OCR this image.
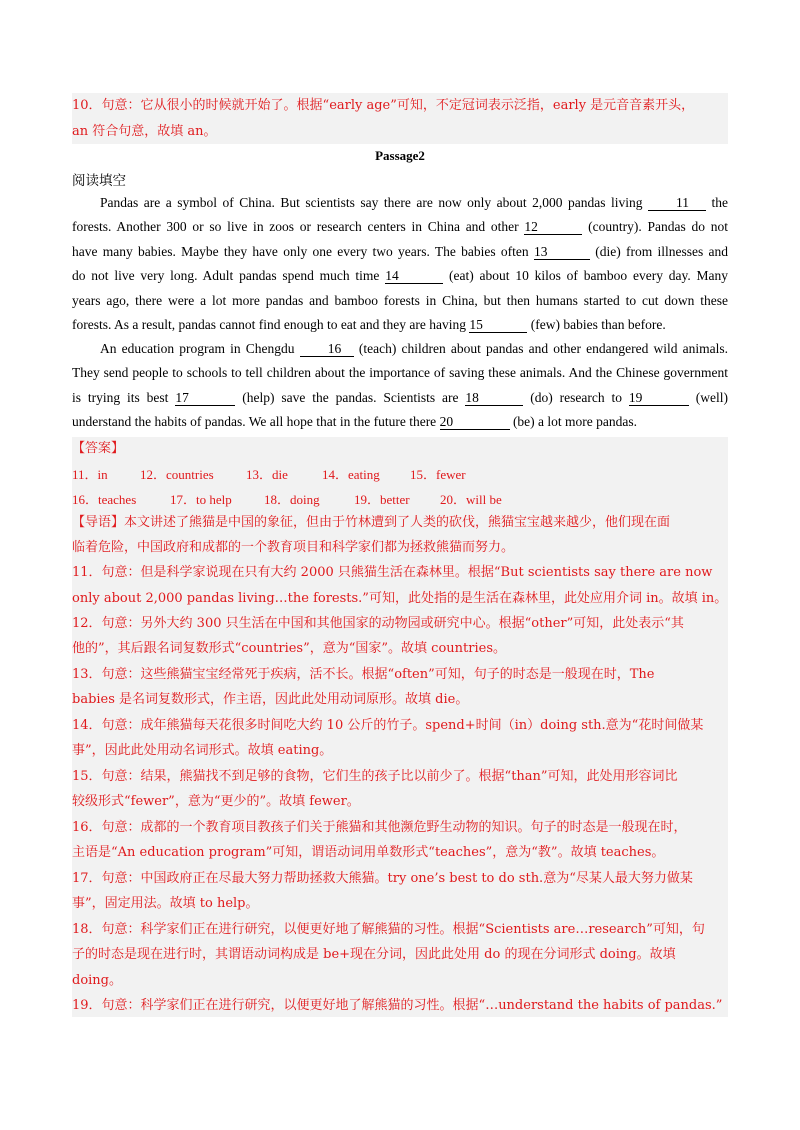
10．句意：它从很小的时候就开始了。根据“early age”可知，不定冠词表示泛指，early 是元音音素开头，
an 符合句意，故填 an。
Passage2
阅读填空
Pandas are a symbol of China. But scientists say there are now only about 2,000 pandas living 11 the
forests. Another 300 or so live in zoos or research centers in China and other 12	(country). Pandas do not
have many babies. Maybe they have only one every two years. The babies often 13	(die) from illnesses and
do not live very long. Adult pandas spend much time 14	(eat) about 10 kilos of bamboo every day. Many
years ago, there were a lot more pandas and bamboo forests in China, but then humans started to cut down these
forests. As a result, pandas cannot find enough to eat and they are having 15	(few) babies than before.
An education program in Chengdu 16 (teach) children about pandas and other endangered wild animals.
They send people to schools to tell children about the importance of saving these animals. And the Chinese government
is trying its best 17	(help) save the pandas. Scientists are 18	(do) research to 19	(well)
understand the habits of pandas. We all hope that in the future there 20	(be) a lot more pandas.
【答案】
11．in 12．countries 13．die	14．eating 15．fewer
16．teaches	17．to help 18．doing	19．better 20．will be
【导语】本文讲述了熊猫是中国的象征，但由于竹林遭到了人类的砍伐，熊猫宝宝越来越少，他们现在面
临着危险，中国政府和成都的一个教育项目和科学家们都为拯救熊猫而努力。
11．句意：但是科学家说现在只有大约 2000 只熊猫生活在森林里。根据“But scientists say there are now
only about 2,000 pandas living…the forests.”可知，此处指的是生活在森林里，此处应用介词 in。故填 in。
12．句意：另外大约 300 只生活在中国和其他国家的动物园或研究中心。根据“other”可知，此处表示“其
他的”，其后跟名词复数形式“countries”，意为“国家”。故填 countries。
13．句意：这些熊猫宝宝经常死于疾病，活不长。根据“often”可知，句子的时态是一般现在时，The
babies 是名词复数形式，作主语，因此此处用动词原形。故填 die。
14．句意：成年熊猫每天花很多时间吃大约 10 公斤的竹子。spend+时间（in）doing sth.意为“花时间做某
事”，因此此处用动名词形式。故填 eating。
15．句意：结果，熊猫找不到足够的食物，它们生的孩子比以前少了。根据“than”可知，此处用形容词比
较级形式“fewer”，意为“更少的”。故填 fewer。
16．句意：成都的一个教育项目教孩子们关于熊猫和其他濒危野生动物的知识。句子的时态是一般现在时，
主语是“An education program”可知，谓语动词用单数形式“teaches”，意为“教”。故填 teaches。
17．句意：中国政府正在尽最大努力帮助拯救大熊猫。try one’s best to do sth.意为“尽某人最大努力做某
事”，固定用法。故填 to help。
18．句意：科学家们正在进行研究，以便更好地了解熊猫的习性。根据“Scientists are…research”可知，句
子的时态是现在进行时，其谓语动词构成是 be+现在分词，因此此处用 do 的现在分词形式 doing。故填
doing。
19．句意：科学家们正在进行研究，以便更好地了解熊猫的习性。根据“…understand the habits of pandas.”
